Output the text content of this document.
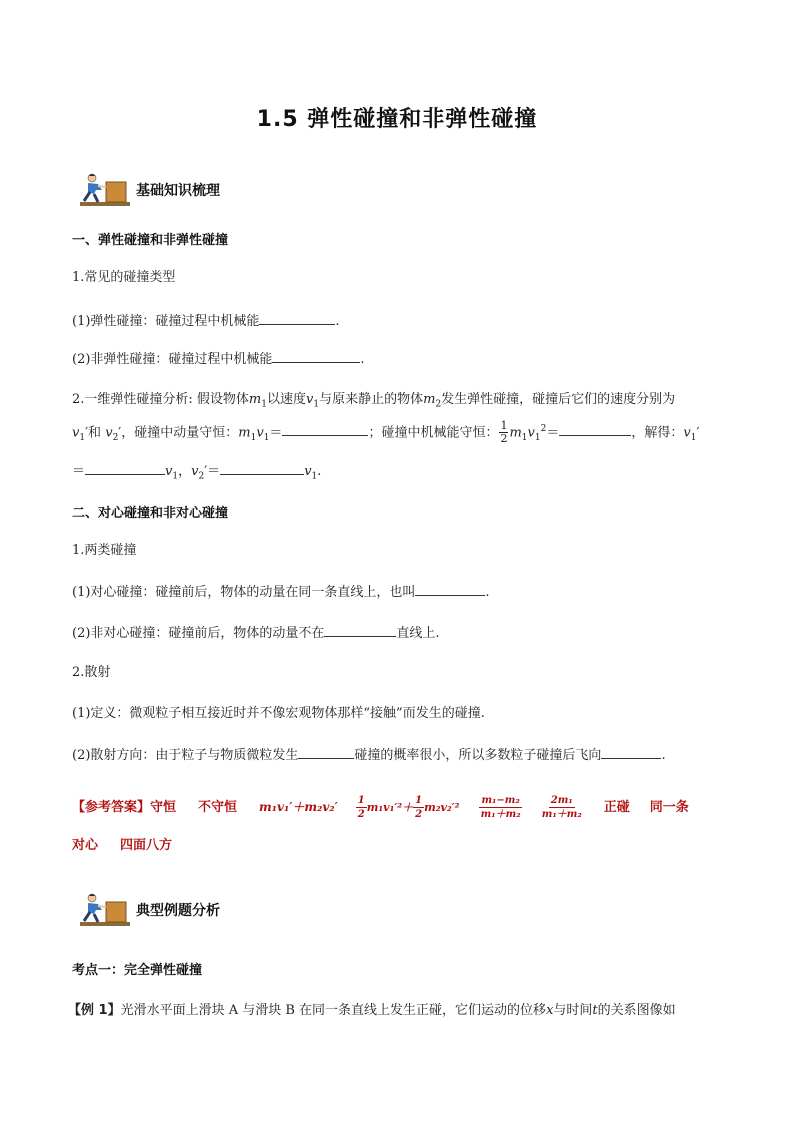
1.5 弹性碰撞和非弹性碰撞
基础知识梳理
一、弹性碰撞和非弹性碰撞
1.常见的碰撞类型
(1)弹性碰撞：碰撞过程中机械能	.
(2)非弹性碰撞：碰撞过程中机械能	.
2.一维弹性碰撞分析: 假设物体$m_1$以速度$v_1$与原来静止的物体$m_2$发生弹性碰撞，碰撞后它们的速度分别为
$v_1'$和 $v_2'$，碰撞中动量守恒：$m_1v_1=$	；碰撞中机械能守恒： $\frac{1}{2} m_1v_1^2=$	，解得：$v_1'$
＝	$v_1$，$v_2'=$	$v_1$.
二、对心碰撞和非对心碰撞
1.两类碰撞
(1)对心碰撞：碰撞前后，物体的动量在同一条直线上，也叫	.
(2)非对心碰撞：碰撞前后，物体的动量不在	直线上.
2.散射
(1)定义：微观粒子相互接近时并不像宏观物体那样“接触”而发生的碰撞.
(2)散射方向：由于粒子与物质微粒发生	碰撞的概率很小，所以多数粒子碰撞后飞向	.
【参考答案】守恒 不守恒 $m_1v_1'+m_2v_2' \frac{1}{2} m_1v_1'^2+ \frac{1}{2} m_2v_2'^2 \frac{\text{m₁−m₂}}{\text{m₁＋m₂}} \frac{\text{2m₁}}{\text{m₁＋m₂}}$ 正碰 同一条
对心 四面八方
典型例题分析
考点一：完全弹性碰撞
【例 1】光滑水平面上滑块 A 与滑块 B 在同一条直线上发生正碰，它们运动的位移x与时间t的关系图像如
